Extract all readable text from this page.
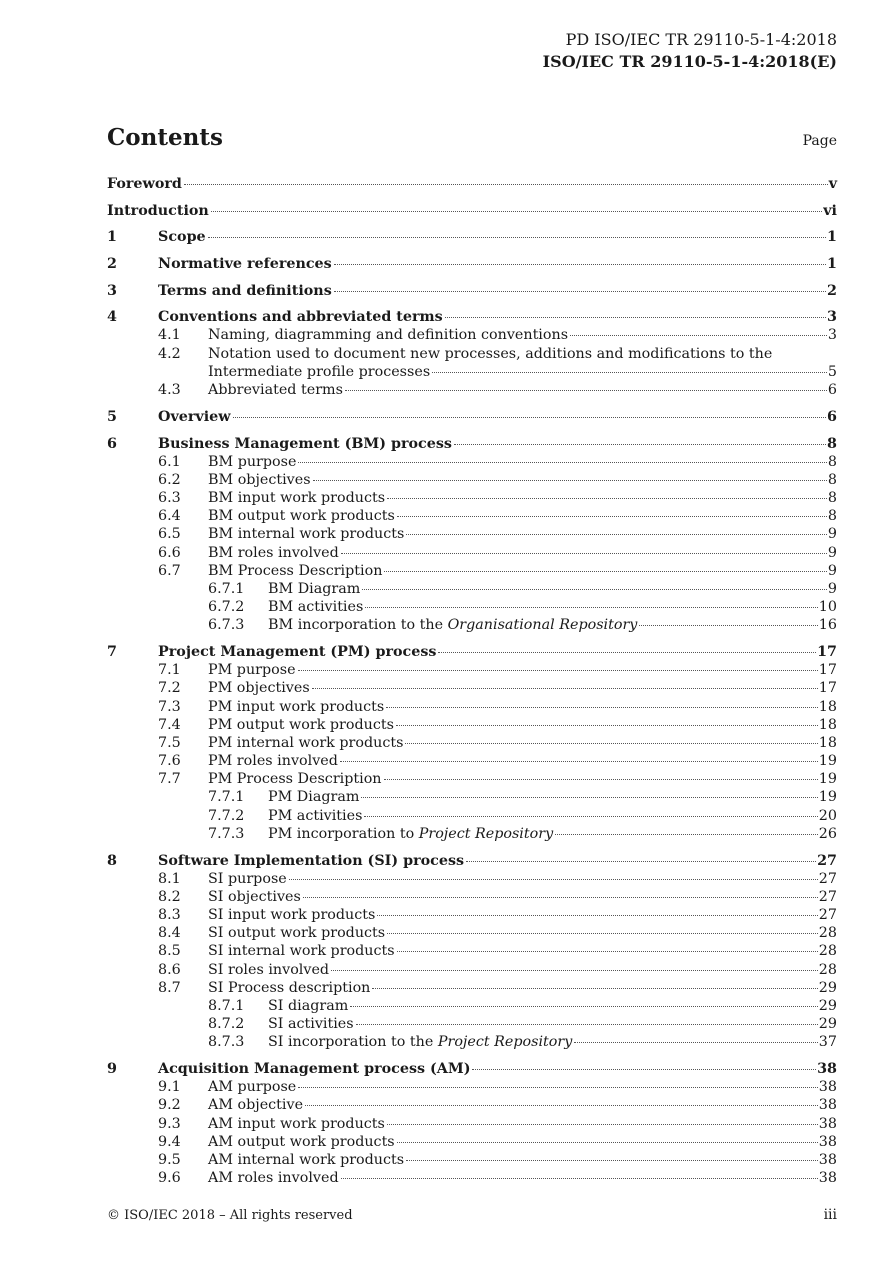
PD ISO/IEC TR 29110-5-1-4:2018
ISO/IEC TR 29110-5-1-4:2018(E)
Contents	Page
Foreword	v
Introduction	vi
1	Scope	1
2	Normative references	1
3	Terms and definitions	2
4	Conventions and abbreviated terms	3
4.1 Naming, diagramming and definition conventions	3
4.2 Notation used to document new processes, additions and modifications to the
Intermediate profile processes	5
4.3 Abbreviated terms	6
5	Overview	6
6	Business Management (BM) process	8
6.1 BM purpose	8
6.2 BM objectives	8
6.3 BM input work products	8
6.4 BM output work products	8
6.5 BM internal work products	9
6.6 BM roles involved	9
6.7 BM Process Description	9
6.7.1 BM Diagram	9
6.7.2 BM activities	10
6.7.3 BM incorporation to the Organisational Repository	16
7	Project Management (PM) process	17
7.1 PM purpose	17
7.2 PM objectives	17
7.3 PM input work products	18
7.4 PM output work products	18
7.5 PM internal work products	18
7.6 PM roles involved	19
7.7 PM Process Description	19
7.7.1 PM Diagram	19
7.7.2 PM activities	20
7.7.3 PM incorporation to Project Repository	26
8	Software Implementation (SI) process	27
8.1 SI purpose	27
8.2 SI objectives	27
8.3 SI input work products	27
8.4 SI output work products	28
8.5 SI internal work products	28
8.6 SI roles involved	28
8.7 SI Process description	29
8.7.1 SI diagram	29
8.7.2 SI activities	29
8.7.3 SI incorporation to the Project Repository	37
9	Acquisition Management process (AM)	38
9.1 AM purpose	38
9.2 AM objective	38
9.3 AM input work products	38
9.4 AM output work products	38
9.5 AM internal work products	38
9.6 AM roles involved	38
© ISO/IEC 2018 – All rights reserved	iii
